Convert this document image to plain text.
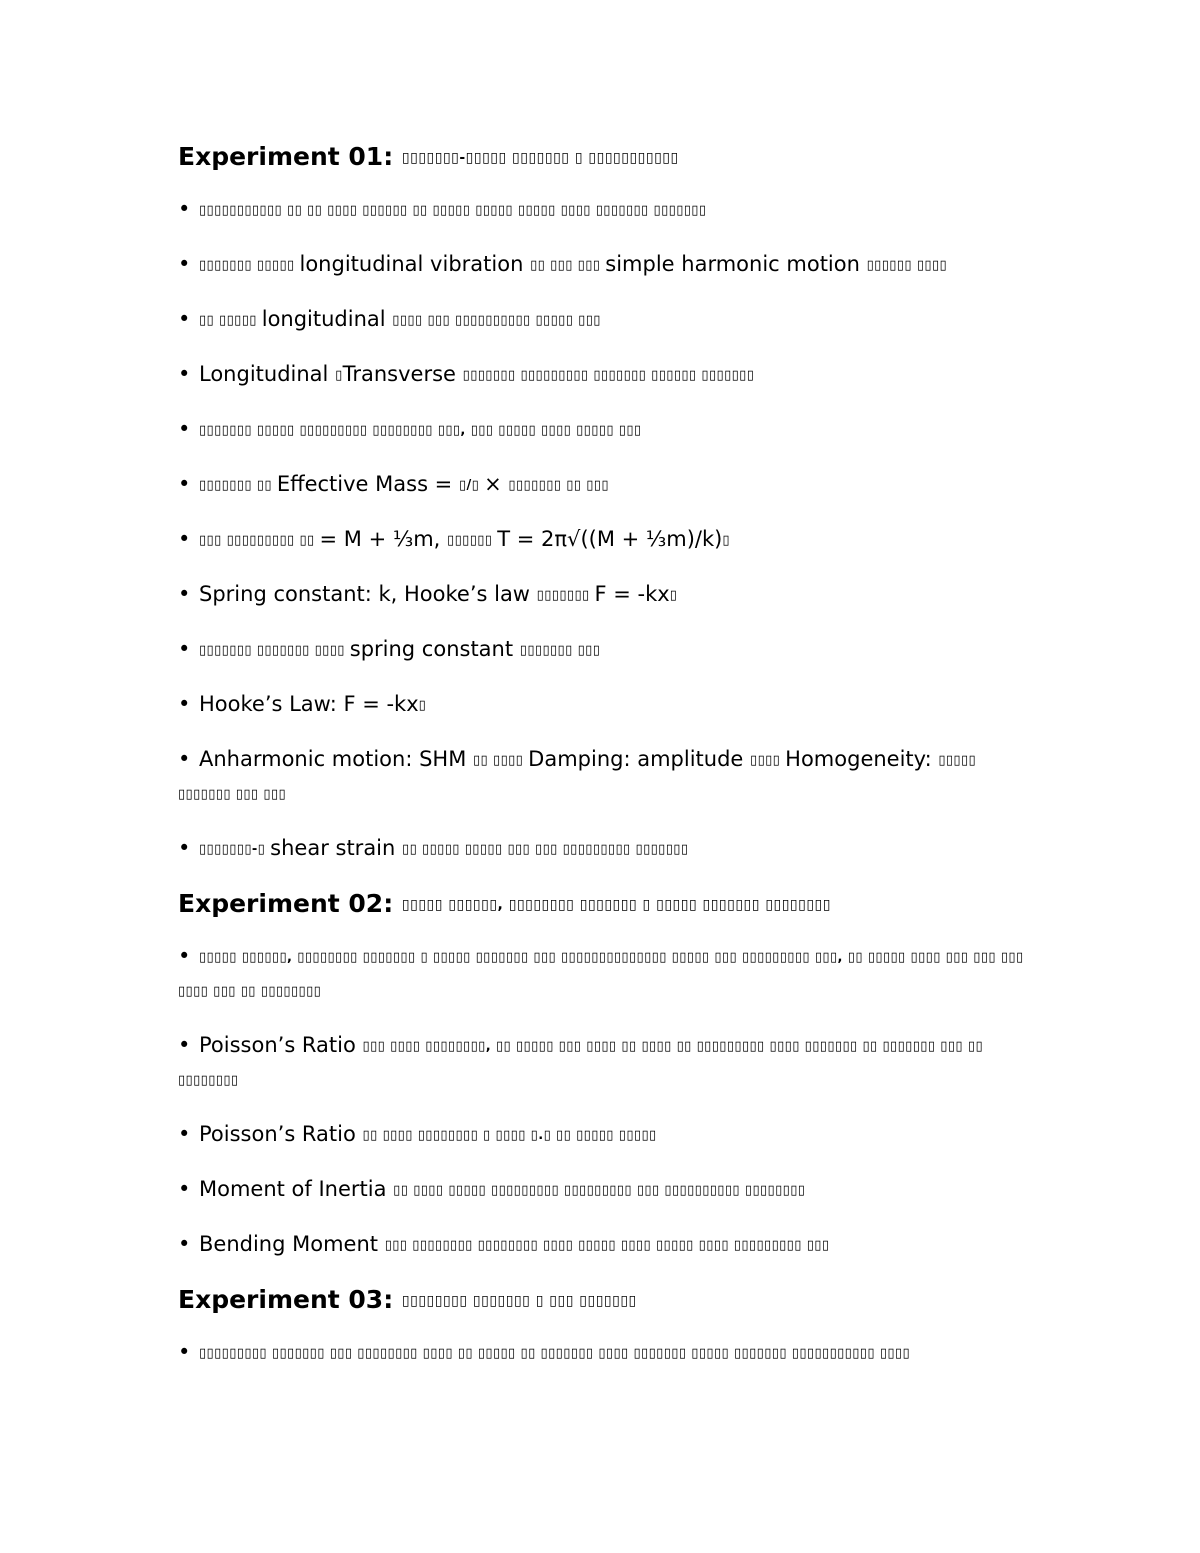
Experiment 01: ▯▯▯▯▯▯▯-▯▯▯▯▯ ▯▯▯▯▯▯▯ ▯ ▯▯▯▯▯▯▯▯▯▯▯
• ▯▯▯▯▯▯▯▯▯▯▯ ▯▯ ▯▯ ▯▯▯▯ ▯▯▯▯▯▯ ▯▯ ▯▯▯▯▯ ▯▯▯▯▯ ▯▯▯▯▯ ▯▯▯▯ ▯▯▯▯▯▯▯ ▯▯▯▯▯▯▯
• ▯▯▯▯▯▯▯ ▯▯▯▯▯ longitudinal vibration ▯▯ ▯▯▯ ▯▯▯ simple harmonic motion ▯▯▯▯▯▯ ▯▯▯▯
• ▯▯ ▯▯▯▯▯ longitudinal ▯▯▯▯ ▯▯▯ ▯▯▯▯▯▯▯▯▯▯ ▯▯▯▯▯ ▯▯▯
• Longitudinal ▯Transverse ▯▯▯▯▯▯▯ ▯▯▯▯▯▯▯▯▯ ▯▯▯▯▯▯▯ ▯▯▯▯▯▯ ▯▯▯▯▯▯▯
• ▯▯▯▯▯▯▯ ▯▯▯▯▯ ▯▯▯▯▯▯▯▯▯ ▯▯▯▯▯▯▯▯ ▯▯▯, ▯▯▯ ▯▯▯▯▯ ▯▯▯▯ ▯▯▯▯▯ ▯▯▯
• ▯▯▯▯▯▯▯ ▯▯ Effective Mass = ▯/▯ × ▯▯▯▯▯▯▯ ▯▯ ▯▯▯
• ▯▯▯ ▯▯▯▯▯▯▯▯▯ ▯▯ = M + ⅓m, ▯▯▯▯▯▯ T = 2π√((M + ⅓m)/k)▯
• Spring constant: k, Hooke’s law ▯▯▯▯▯▯▯ F = -kx▯
• ▯▯▯▯▯▯▯ ▯▯▯▯▯▯▯ ▯▯▯▯ spring constant ▯▯▯▯▯▯▯ ▯▯▯
• Hooke’s Law: F = -kx▯
• Anharmonic motion: SHM ▯▯ ▯▯▯▯ Damping: amplitude ▯▯▯▯ Homogeneity: ▯▯▯▯▯ ▯▯▯▯▯▯▯ ▯▯▯ ▯▯▯
• ▯▯▯▯▯▯▯-▯ shear strain ▯▯ ▯▯▯▯▯ ▯▯▯▯▯ ▯▯▯ ▯▯▯ ▯▯▯▯▯▯▯▯▯ ▯▯▯▯▯▯▯
Experiment 02: ▯▯▯▯▯ ▯▯▯▯▯▯, ▯▯▯▯▯▯▯▯ ▯▯▯▯▯▯▯ ▯ ▯▯▯▯▯ ▯▯▯▯▯▯▯ ▯▯▯▯▯▯▯▯
• ▯▯▯▯▯ ▯▯▯▯▯▯, ▯▯▯▯▯▯▯▯ ▯▯▯▯▯▯▯ ▯ ▯▯▯▯▯ ▯▯▯▯▯▯▯ ▯▯▯ ▯▯▯▯▯▯▯▯▯▯▯▯▯▯ ▯▯▯▯▯ ▯▯▯ ▯▯▯▯▯▯▯▯▯ ▯▯▯, ▯▯ ▯▯▯▯▯ ▯▯▯▯ ▯▯▯ ▯▯▯ ▯▯▯ ▯▯▯▯ ▯▯▯ ▯▯ ▯▯▯▯▯▯▯▯
• Poisson’s Ratio ▯▯▯ ▯▯▯▯ ▯▯▯▯▯▯▯▯, ▯▯ ▯▯▯▯▯ ▯▯▯ ▯▯▯▯ ▯▯ ▯▯▯▯ ▯▯ ▯▯▯▯▯▯▯▯▯ ▯▯▯▯ ▯▯▯▯▯▯▯ ▯▯ ▯▯▯▯▯▯▯ ▯▯▯ ▯▯ ▯▯▯▯▯▯▯▯
• Poisson’s Ratio ▯▯ ▯▯▯▯ ▯▯▯▯▯▯▯▯ ▯ ▯▯▯▯ ▯.▯ ▯▯ ▯▯▯▯▯ ▯▯▯▯▯
• Moment of Inertia ▯▯ ▯▯▯▯ ▯▯▯▯▯ ▯▯▯▯▯▯▯▯▯ ▯▯▯▯▯▯▯▯▯ ▯▯▯ ▯▯▯▯▯▯▯▯▯▯ ▯▯▯▯▯▯▯▯
• Bending Moment ▯▯▯ ▯▯▯▯▯▯▯▯ ▯▯▯▯▯▯▯▯ ▯▯▯▯ ▯▯▯▯▯ ▯▯▯▯ ▯▯▯▯▯ ▯▯▯▯ ▯▯▯▯▯▯▯▯▯ ▯▯▯
Experiment 03: ▯▯▯▯▯▯▯▯ ▯▯▯▯▯▯▯ ▯ ▯▯▯ ▯▯▯▯▯▯▯
• ▯▯▯▯▯▯▯▯▯ ▯▯▯▯▯▯▯ ▯▯▯ ▯▯▯▯▯▯▯▯ ▯▯▯▯ ▯▯ ▯▯▯▯▯ ▯▯ ▯▯▯▯▯▯▯ ▯▯▯▯ ▯▯▯▯▯▯▯ ▯▯▯▯▯ ▯▯▯▯▯▯▯ ▯▯▯▯▯▯▯▯▯▯▯ ▯▯▯▯
